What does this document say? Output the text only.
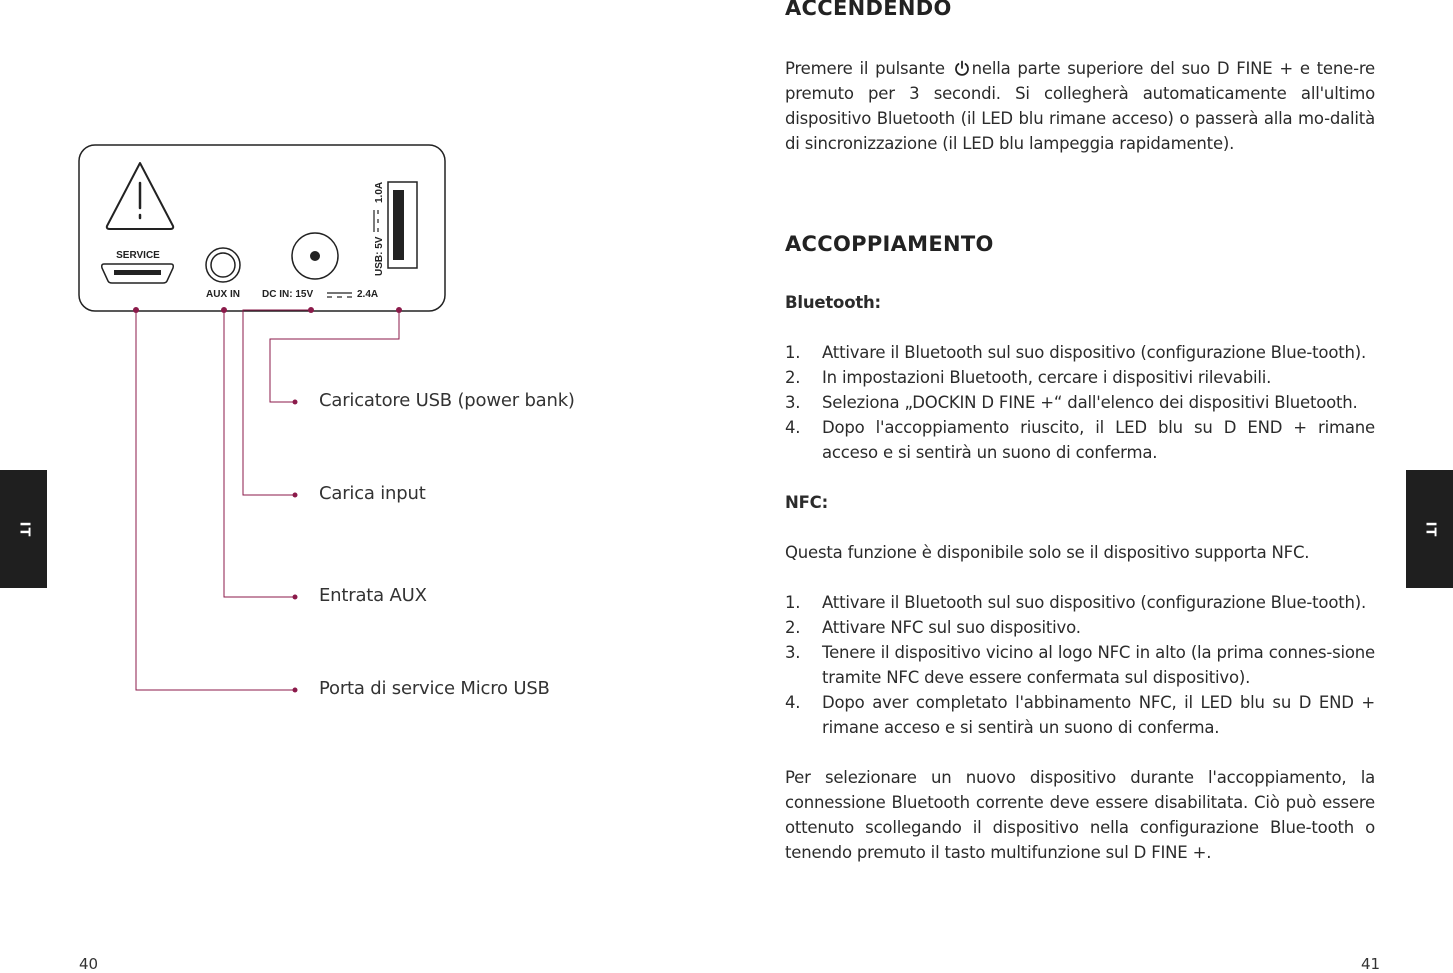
IT
SERVICE
AUX IN DC IN: 15V	2.4A
USB: 5V
1.0A
Caricatore USB (power bank)
Carica input
Entrata AUX
Porta di service Micro USB
40
IT
ACCENDENDO

Premere il pulsante nella parte superiore del suo D FINE + e tene-re premuto per 3 secondi. Si collegherà automaticamente all'ultimo dispositivo Bluetooth (il LED blu rimane acceso) o passerà alla mo-dalità di sincronizzazione (il LED blu lampeggia rapidamente).

ACCOPPIAMENTO

Bluetooth:

1. Attivare il Bluetooth sul suo dispositivo (configurazione Blue-tooth).
2. In impostazioni Bluetooth, cercare i dispositivi rilevabili.
3. Seleziona „DOCKIN D FINE +“ dall'elenco dei dispositivi Bluetooth.
4. Dopo l'accoppiamento riuscito, il LED blu su D END + rimane acceso e si sentirà un suono di conferma.

NFC:

Questa funzione è disponibile solo se il dispositivo supporta NFC.

1. Attivare il Bluetooth sul suo dispositivo (configurazione Blue-tooth).
2. Attivare NFC sul suo dispositivo.
3. Tenere il dispositivo vicino al logo NFC in alto (la prima connes-sione tramite NFC deve essere confermata sul dispositivo).
4. Dopo aver completato l'abbinamento NFC, il LED blu su D END + rimane acceso e si sentirà un suono di conferma.

Per selezionare un nuovo dispositivo durante l'accoppiamento, la connessione Bluetooth corrente deve essere disabilitata. Ciò può essere ottenuto scollegando il dispositivo nella configurazione Blue-tooth o tenendo premuto il tasto multifunzione sul D FINE +.

41
